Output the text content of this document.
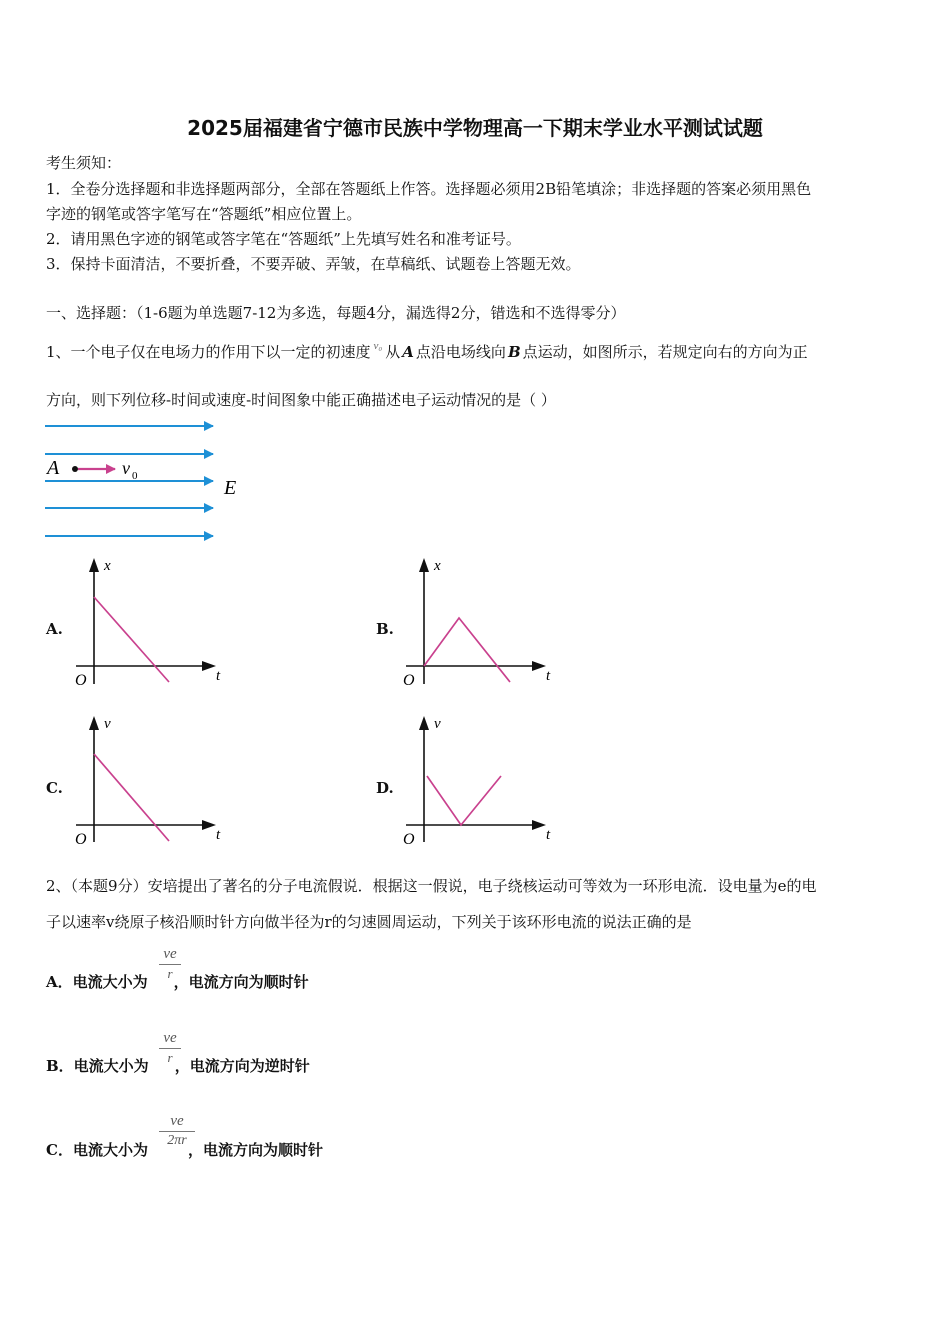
2025届福建省宁德市民族中学物理高一下期末学业水平测试试题
考生须知：
1．全卷分选择题和非选择题两部分，全部在答题纸上作答。选择题必须用2B铅笔填涂；非选择题的答案必须用黑色
字迹的钢笔或答字笔写在“答题纸”相应位置上。
2．请用黑色字迹的钢笔或答字笔在“答题纸”上先填写姓名和准考证号。
3．保持卡面清洁，不要折叠，不要弄破、弄皱，在草稿纸、试题卷上答题无效。
一、选择题：（1-6题为单选题7-12为多选，每题4分，漏选得2分，错选和不选得零分）
1、一个电子仅在电场力的作用下以一定的初速度 $^{v_0}$ 从 A 点沿电场线向 B 点运动，如图所示，若规定向右的方向为正
方向，则下列位移-时间或速度-时间图象中能正确描述电子运动情况的是（ ）
A	v 0
E
A.
x
t
O
B.
x
t
O
C.
v
t
O
D.
v
t
O
2、（本题9分）安培提出了著名的分子电流假说．根据这一假说，电子绕核运动可等效为一环形电流．设电量为e的电
子以速率v绕原子核沿顺时针方向做半径为r的匀速圆周运动，下列关于该环形电流的说法正确的是
A．电流大小为 ，电流方向为顺时针
ve
r
B．电流大小为 ，电流方向为逆时针
ve
r
C．电流大小为	，电流方向为顺时针
ve
2πr
